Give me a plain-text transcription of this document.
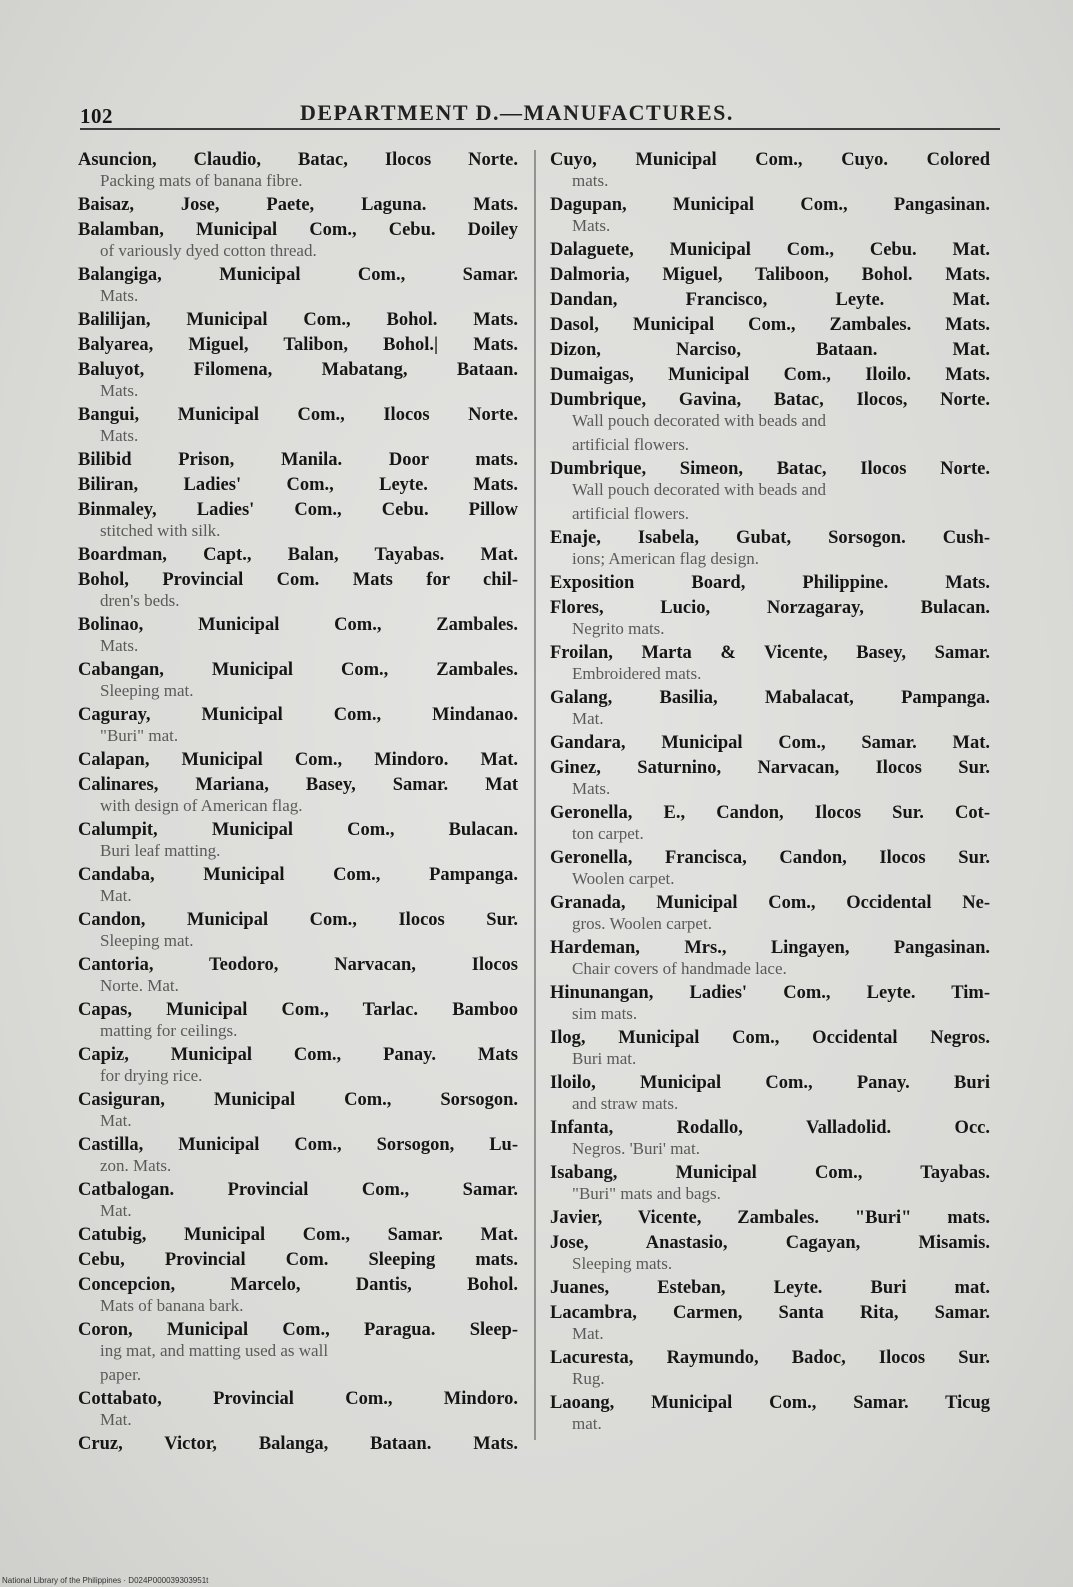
102	DEPARTMENT D.—MANUFACTURES.
Asuncion, Claudio, Batac, Ilocos Norte.
Packing mats of banana fibre.
Baisaz, Jose, Paete, Laguna. Mats.
Balamban, Municipal Com., Cebu. Doiley
of variously dyed cotton thread.
Balangiga, Municipal Com., Samar.
Mats.
Balilijan, Municipal Com., Bohol. Mats.
Balyarea, Miguel, Talibon, Bohol.| Mats.
Baluyot, Filomena, Mabatang, Bataan.
Mats.
Bangui, Municipal Com., Ilocos Norte.
Mats.
Bilibid Prison, Manila. Door mats.
Biliran, Ladies' Com., Leyte. Mats.
Binmaley, Ladies' Com., Cebu. Pillow
stitched with silk.
Boardman, Capt., Balan, Tayabas. Mat.
Bohol, Provincial Com. Mats for chil-
dren's beds.
Bolinao, Municipal Com., Zambales.
Mats.
Cabangan, Municipal Com., Zambales.
Sleeping mat.
Caguray, Municipal Com., Mindanao.
"Buri" mat.
Calapan, Municipal Com., Mindoro. Mat.
Calinares, Mariana, Basey, Samar. Mat
with design of American flag.
Calumpit, Municipal Com., Bulacan.
Buri leaf matting.
Candaba, Municipal Com., Pampanga.
Mat.
Candon, Municipal Com., Ilocos Sur.
Sleeping mat.
Cantoria, Teodoro, Narvacan, Ilocos
Norte. Mat.
Capas, Municipal Com., Tarlac. Bamboo
matting for ceilings.
Capiz, Municipal Com., Panay. Mats
for drying rice.
Casiguran, Municipal Com., Sorsogon.
Mat.
Castilla, Municipal Com., Sorsogon, Lu-
zon. Mats.
Catbalogan. Provincial Com., Samar.
Mat.
Catubig, Municipal Com., Samar. Mat.
Cebu, Provincial Com. Sleeping mats.
Concepcion, Marcelo, Dantis, Bohol.
Mats of banana bark.
Coron, Municipal Com., Paragua. Sleep-
ing mat, and matting used as wall
paper.
Cottabato, Provincial Com., Mindoro.
Mat.
Cruz, Victor, Balanga, Bataan. Mats.
Cuyo, Municipal Com., Cuyo. Colored
mats.
Dagupan, Municipal Com., Pangasinan.
Mats.
Dalaguete, Municipal Com., Cebu. Mat.
Dalmoria, Miguel, Taliboon, Bohol. Mats.
Dandan, Francisco, Leyte. Mat.
Dasol, Municipal Com., Zambales. Mats.
Dizon, Narciso, Bataan. Mat.
Dumaigas, Municipal Com., Iloilo. Mats.
Dumbrique, Gavina, Batac, Ilocos, Norte.
Wall pouch decorated with beads and
artificial flowers.
Dumbrique, Simeon, Batac, Ilocos Norte.
Wall pouch decorated with beads and
artificial flowers.
Enaje, Isabela, Gubat, Sorsogon. Cush-
ions; American flag design.
Exposition Board, Philippine. Mats.
Flores, Lucio, Norzagaray, Bulacan.
Negrito mats.
Froilan, Marta & Vicente, Basey, Samar.
Embroidered mats.
Galang, Basilia, Mabalacat, Pampanga.
Mat.
Gandara, Municipal Com., Samar. Mat.
Ginez, Saturnino, Narvacan, Ilocos Sur.
Mats.
Geronella, E., Candon, Ilocos Sur. Cot-
ton carpet.
Geronella, Francisca, Candon, Ilocos Sur.
Woolen carpet.
Granada, Municipal Com., Occidental Ne-
gros. Woolen carpet.
Hardeman, Mrs., Lingayen, Pangasinan.
Chair covers of handmade lace.
Hinunangan, Ladies' Com., Leyte. Tim-
sim mats.
Ilog, Municipal Com., Occidental Negros.
Buri mat.
Iloilo, Municipal Com., Panay. Buri
and straw mats.
Infanta, Rodallo, Valladolid. Occ.
Negros. 'Buri' mat.
Isabang, Municipal Com., Tayabas.
"Buri" mats and bags.
Javier, Vicente, Zambales. "Buri" mats.
Jose, Anastasio, Cagayan, Misamis.
Sleeping mats.
Juanes, Esteban, Leyte. Buri mat.
Lacambra, Carmen, Santa Rita, Samar.
Mat.
Lacuresta, Raymundo, Badoc, Ilocos Sur.
Rug.
Laoang, Municipal Com., Samar. Ticug
mat.
National Library of the Philippines · D024P000039303951t
